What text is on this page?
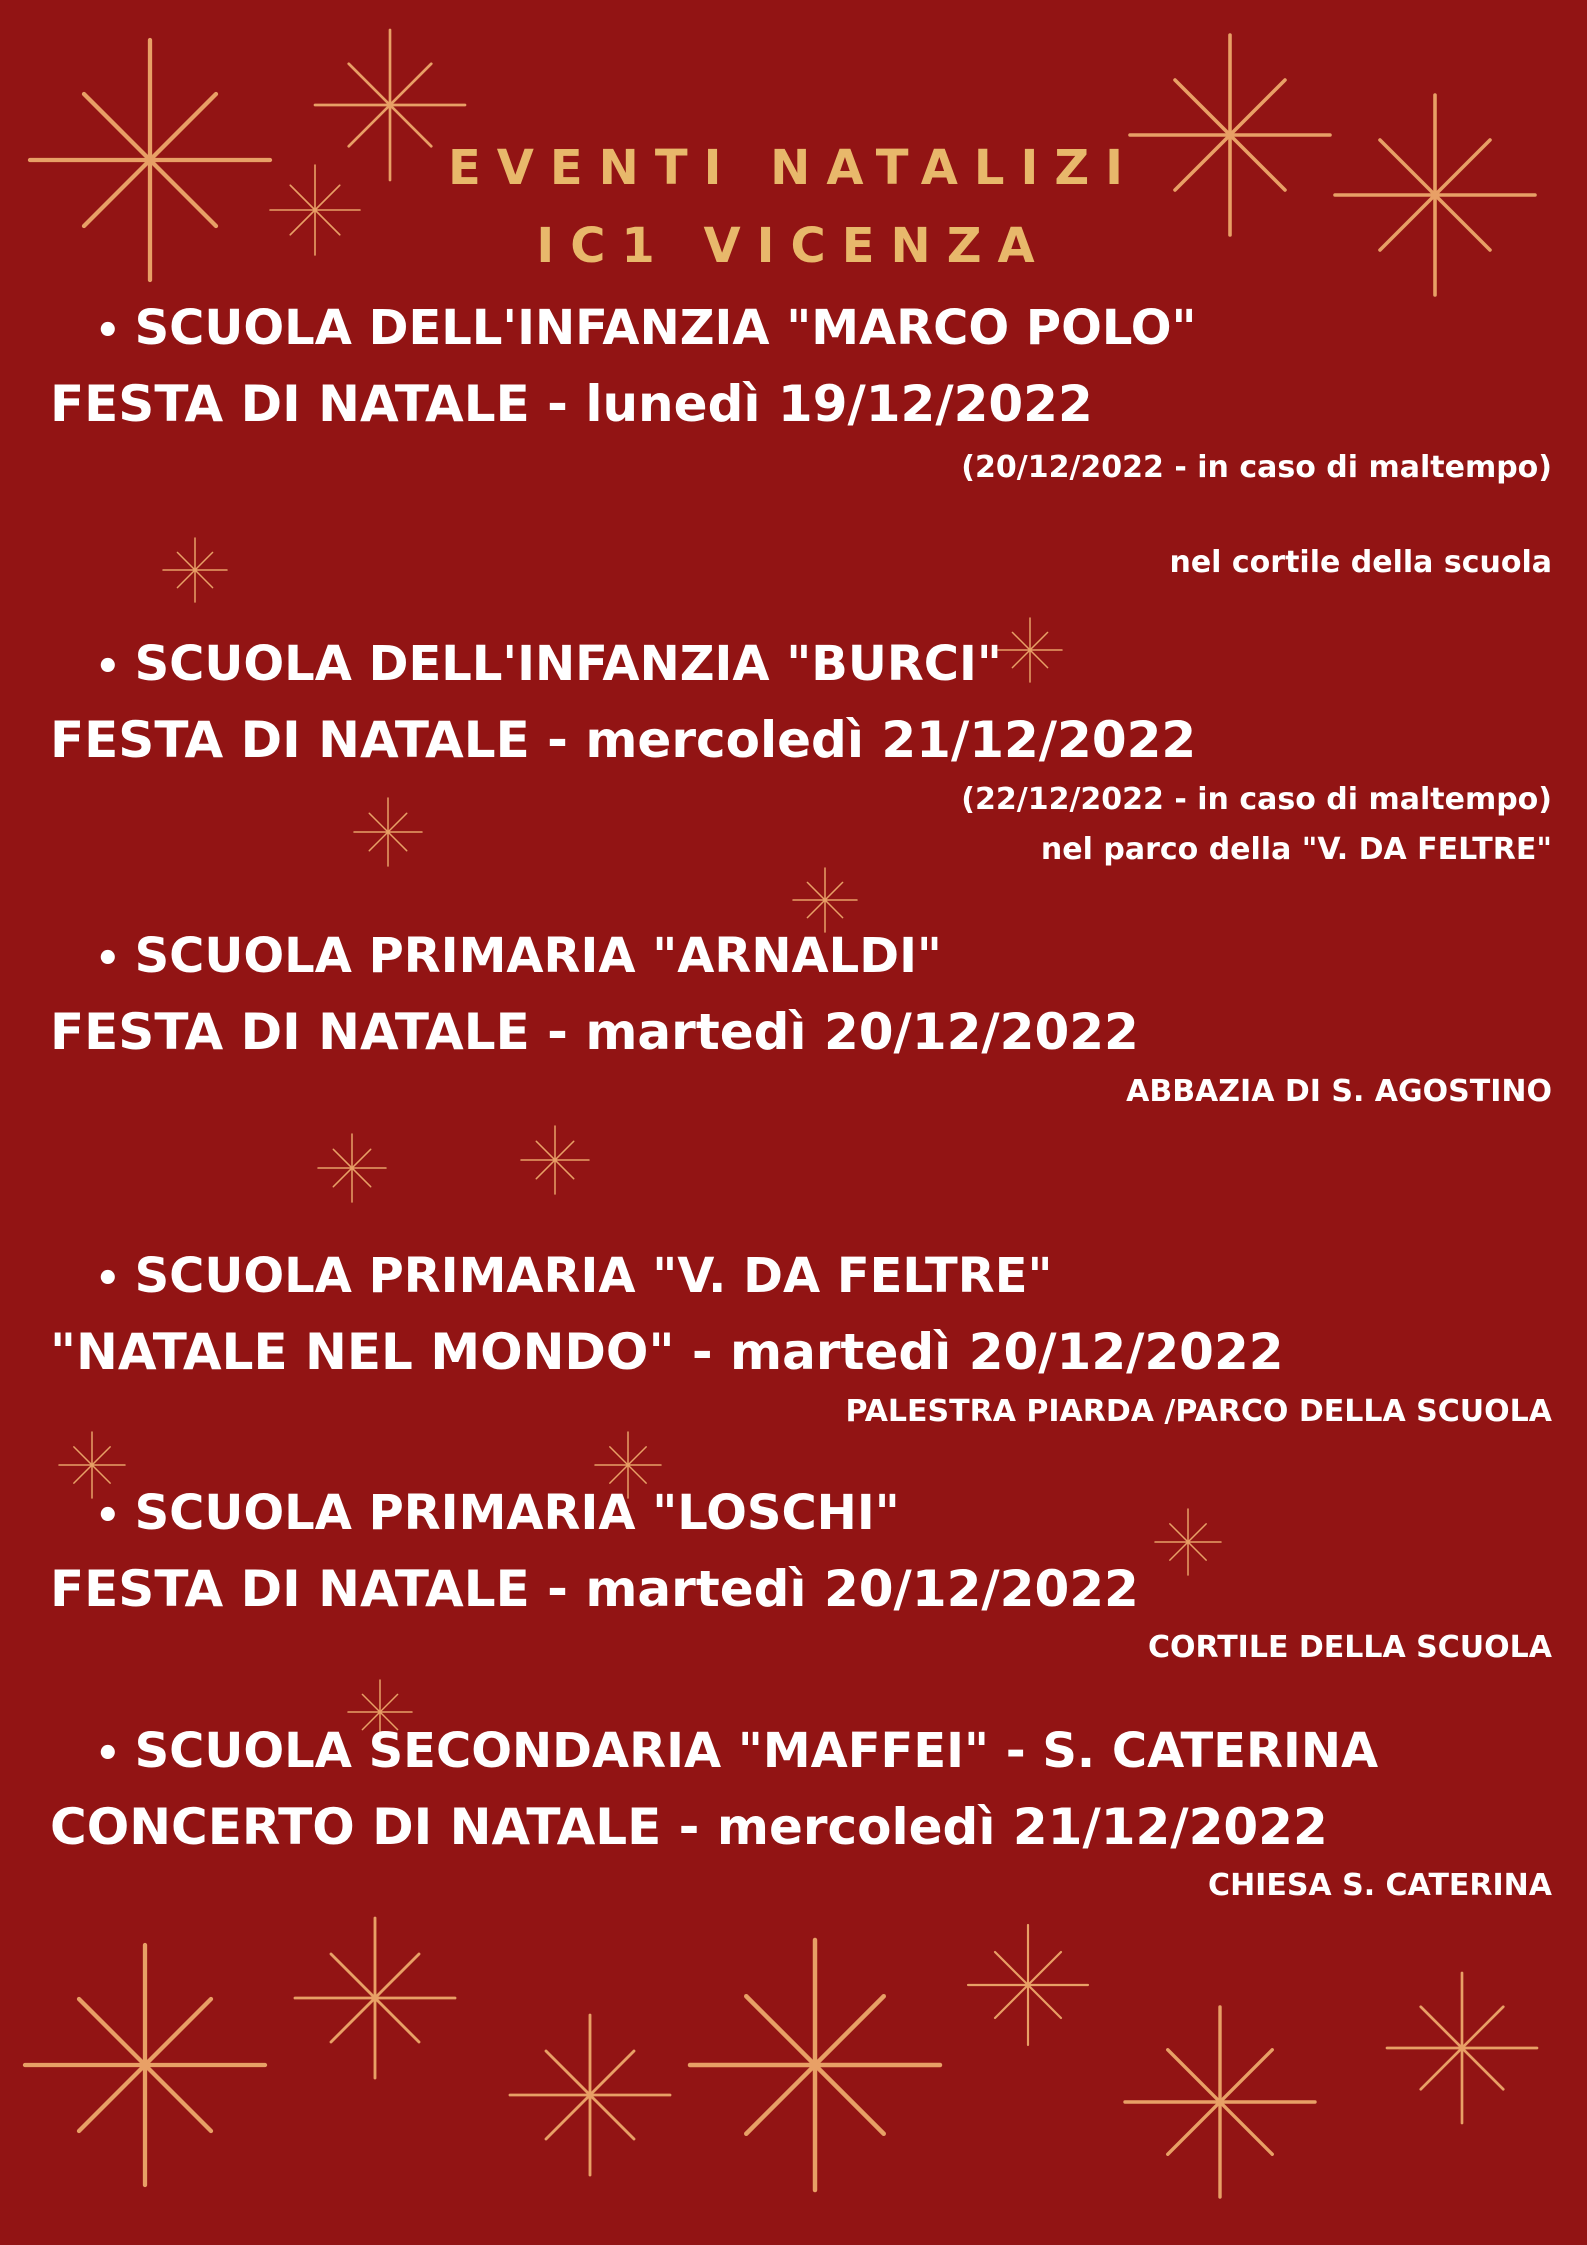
EVENTI NATALIZI
IC1 VICENZA
• SCUOLA DELL'INFANZIA "MARCO POLO"
FESTA DI NATALE - lunedì 19/12/2022
(20/12/2022 - in caso di maltempo)
nel cortile della scuola
• SCUOLA DELL'INFANZIA "BURCI"
FESTA DI NATALE - mercoledì 21/12/2022
(22/12/2022 - in caso di maltempo)
nel parco della "V. DA FELTRE"
• SCUOLA PRIMARIA "ARNALDI"
FESTA DI NATALE - martedì 20/12/2022
ABBAZIA DI S. AGOSTINO
• SCUOLA PRIMARIA "V. DA FELTRE"
"NATALE NEL MONDO" - martedì 20/12/2022
PALESTRA PIARDA /PARCO DELLA SCUOLA
• SCUOLA PRIMARIA "LOSCHI"
FESTA DI NATALE - martedì 20/12/2022
CORTILE DELLA SCUOLA
• SCUOLA SECONDARIA "MAFFEI" - S. CATERINA
CONCERTO DI NATALE - mercoledì 21/12/2022
CHIESA S. CATERINA
